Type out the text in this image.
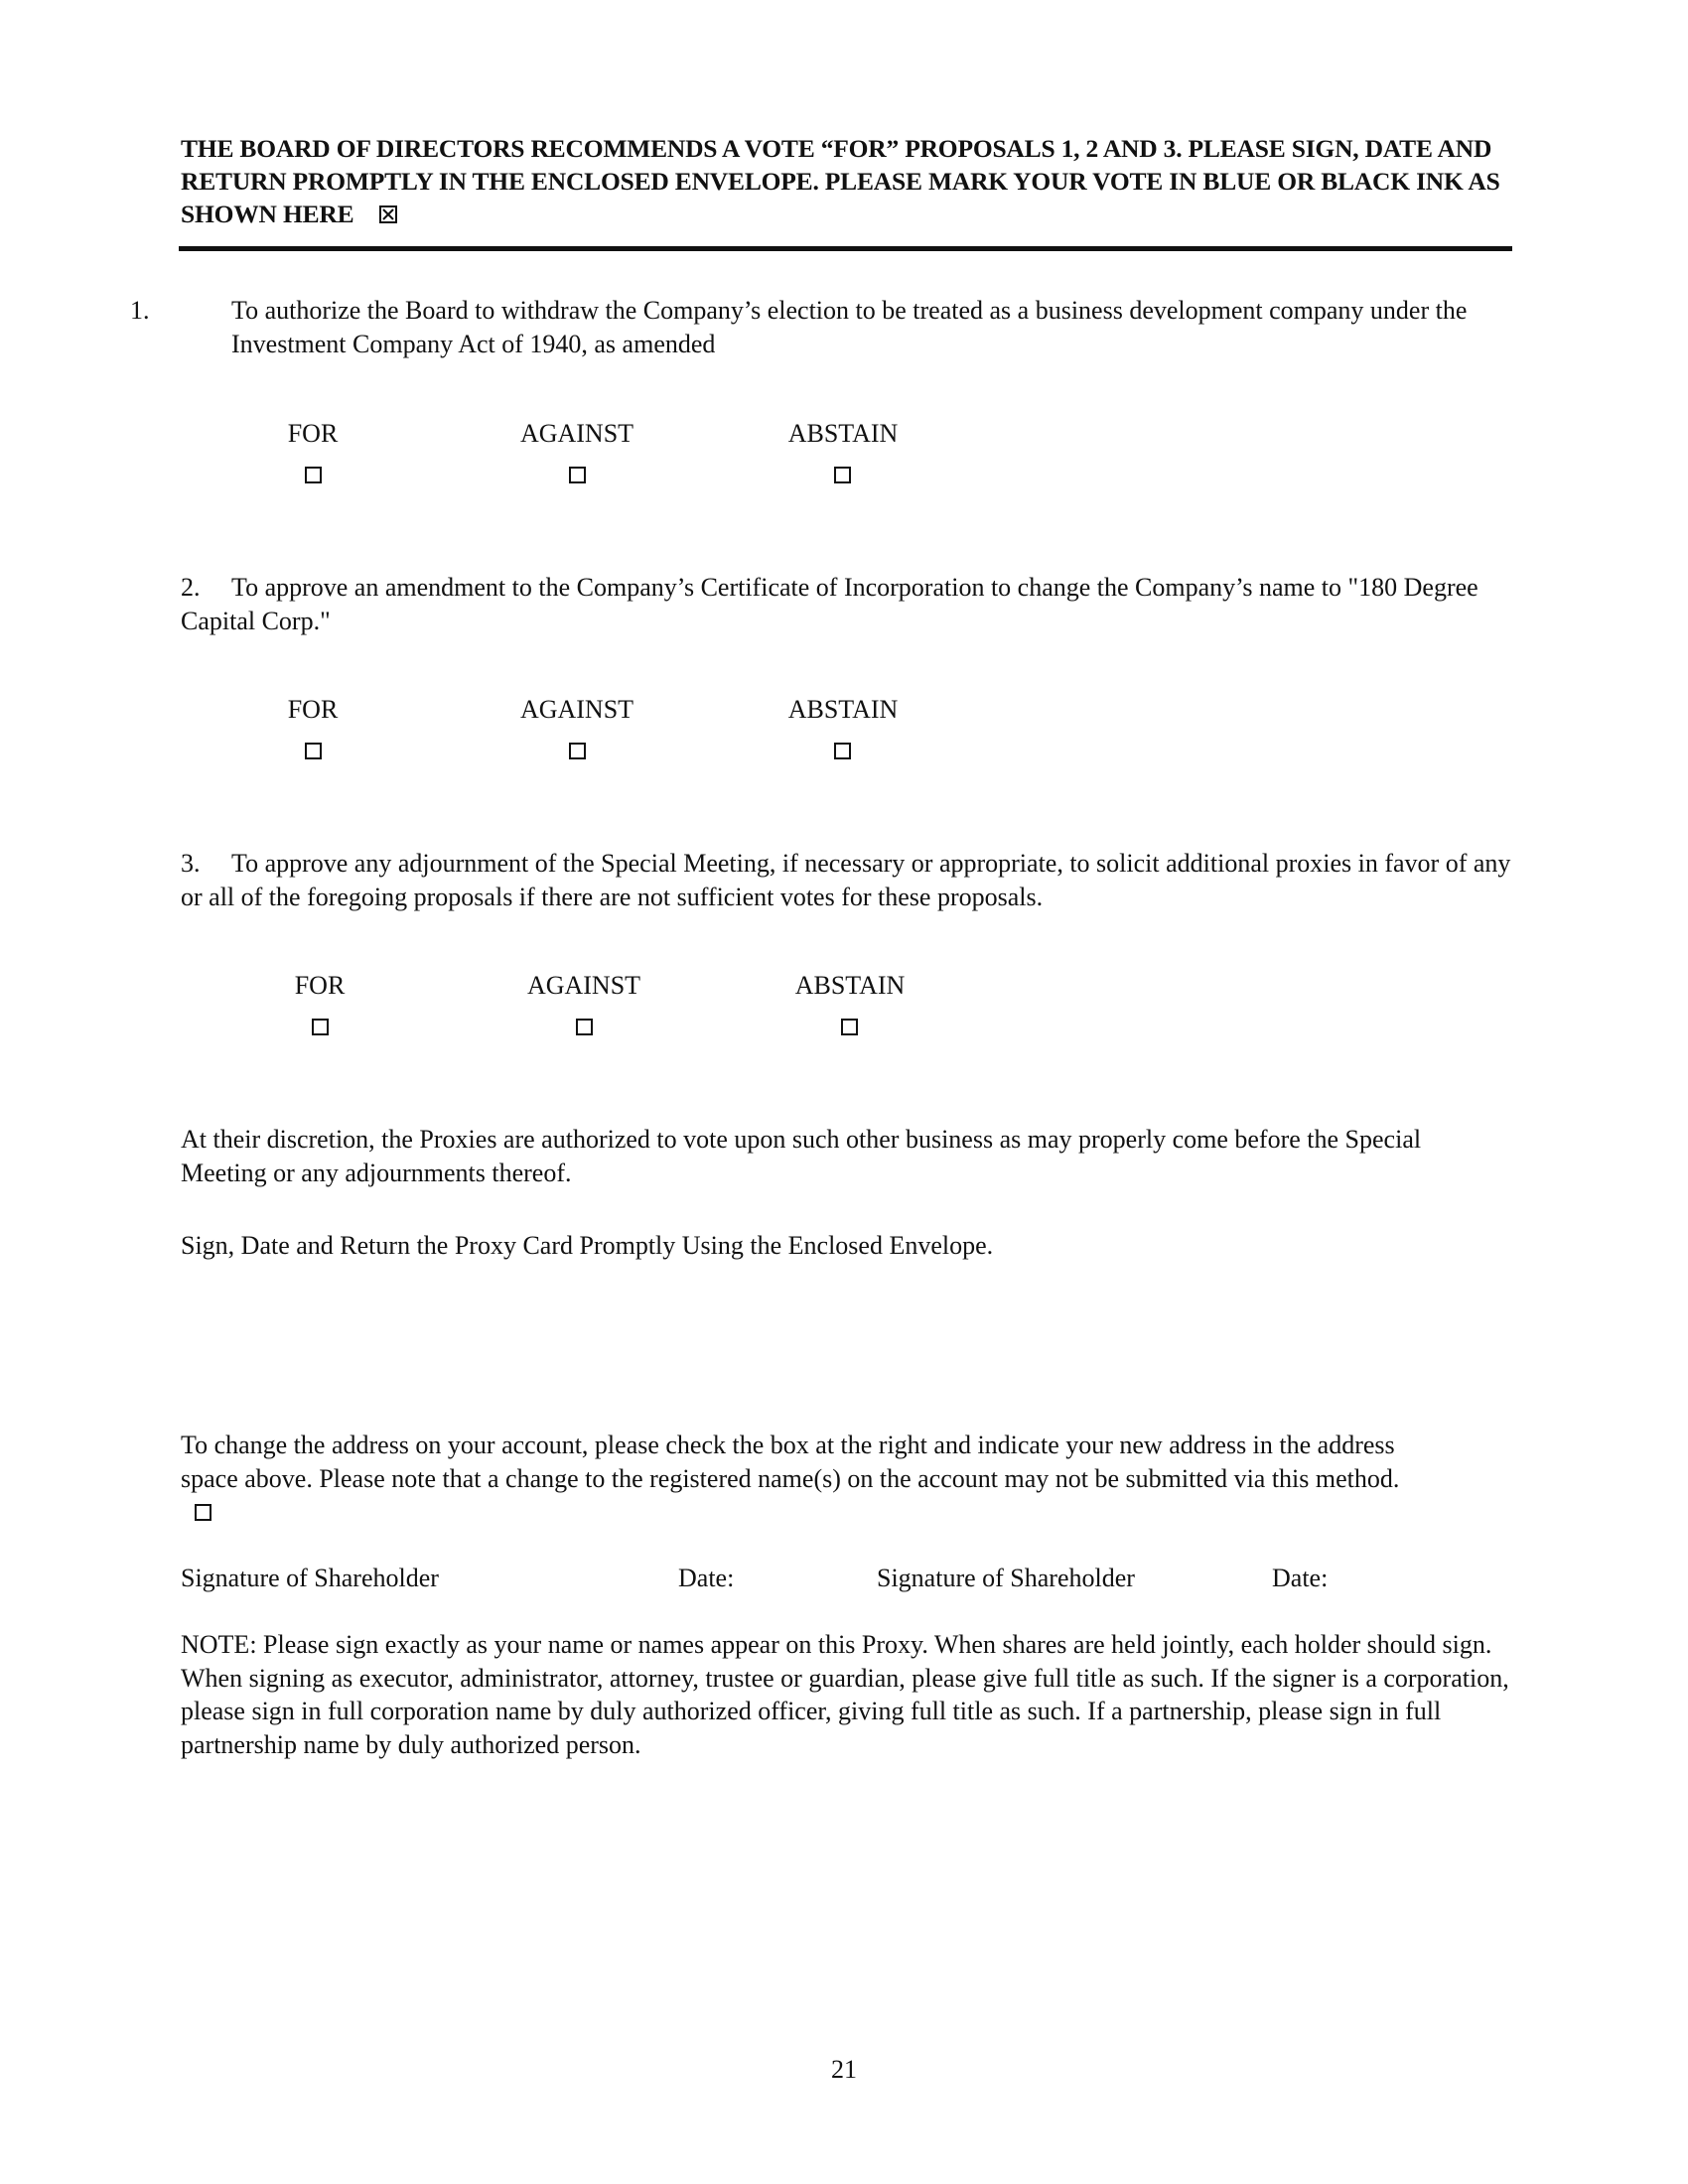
THE BOARD OF DIRECTORS RECOMMENDS A VOTE “FOR” PROPOSALS 1, 2 AND 3. PLEASE SIGN, DATE AND RETURN PROMPTLY IN THE ENCLOSED ENVELOPE. PLEASE MARK YOUR VOTE IN BLUE OR BLACK INK AS SHOWN HERE
1.	To authorize the Board to withdraw the Company’s election to be treated as a business development company under the Investment Company Act of 1940, as amended
FOR	AGAINST	ABSTAIN
2. To approve an amendment to the Company’s Certificate of Incorporation to change the Company’s name to "180 Degree Capital Corp."
FOR	AGAINST	ABSTAIN
3. To approve any adjournment of the Special Meeting, if necessary or appropriate, to solicit additional proxies in favor of any or all of the foregoing proposals if there are not sufficient votes for these proposals.
FOR	AGAINST	ABSTAIN
At their discretion, the Proxies are authorized to vote upon such other business as may properly come before the Special Meeting or any adjournments thereof.
Sign, Date and Return the Proxy Card Promptly Using the Enclosed Envelope.
To change the address on your account, please check the box at the right and indicate your new address in the address space above. Please note that a change to the registered name(s) on the account may not be submitted via this method.
Signature of Shareholder	Date:	Signature of Shareholder	Date:
NOTE: Please sign exactly as your name or names appear on this Proxy. When shares are held jointly, each holder should sign. When signing as executor, administrator, attorney, trustee or guardian, please give full title as such. If the signer is a corporation, please sign in full corporation name by duly authorized officer, giving full title as such. If a partnership, please sign in full partnership name by duly authorized person.
21
